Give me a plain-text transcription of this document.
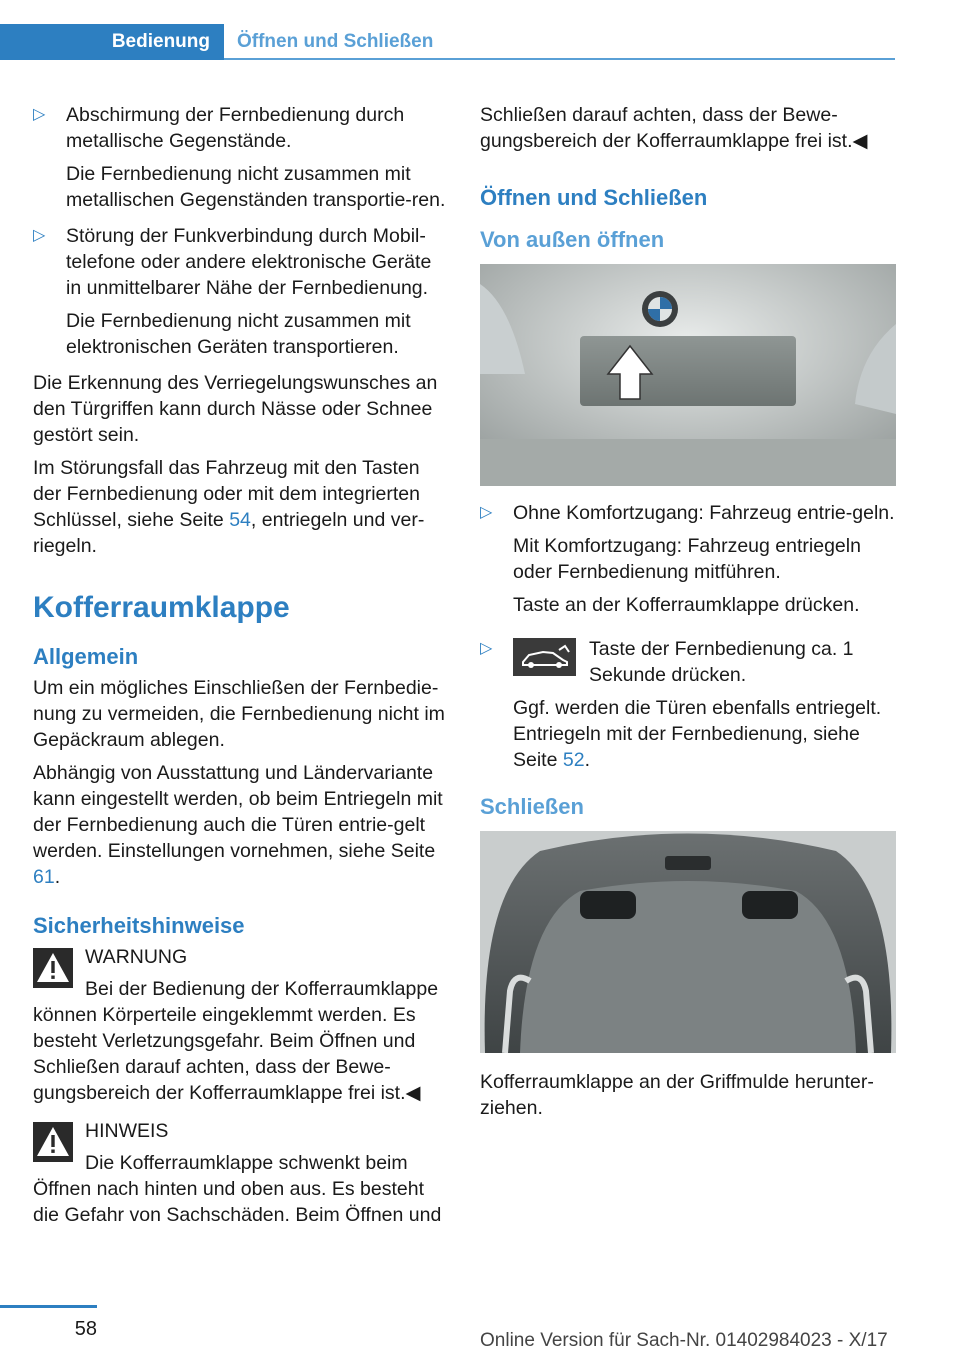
Bedienung	Öffnen und Schließen
▷ Abschirmung der Fernbedienung durch metallische Gegenstände.

Die Fernbedienung nicht zusammen mit metallischen Gegenständen transportie-ren.

▷ Störung der Funkverbindung durch Mobil-telefone oder andere elektronische Geräte in unmittelbarer Nähe der Fernbedienung.

Die Fernbedienung nicht zusammen mit elektronischen Geräten transportieren.

Die Erkennung des Verriegelungswunsches an den Türgriffen kann durch Nässe oder Schnee gestört sein.

Im Störungsfall das Fahrzeug mit den Tasten der Fernbedienung oder mit dem integrierten Schlüssel, siehe Seite 54, entriegeln und ver-riegeln.

Kofferraumklappe
Allgemein

Um ein mögliches Einschließen der Fernbedie-nung zu vermeiden, die Fernbedienung nicht im Gepäckraum ablegen.

Abhängig von Ausstattung und Ländervariante kann eingestellt werden, ob beim Entriegeln mit der Fernbedienung auch die Türen entrie-gelt werden. Einstellungen vornehmen, siehe Seite 61.

Sicherheitshinweise

WARNUNG

Bei der Bedienung der Kofferraumklappe können Körperteile eingeklemmt werden. Es besteht Verletzungsgefahr. Beim Öffnen und Schließen darauf achten, dass der Bewe-gungsbereich der Kofferraumklappe frei ist.◀

HINWEIS

Die Kofferraumklappe schwenkt beim Öffnen nach hinten und oben aus. Es besteht die Gefahr von Sachschäden. Beim Öffnen und

Schließen darauf achten, dass der Bewe-gungsbereich der Kofferraumklappe frei ist.◀

Öffnen und Schließen
Von außen öffnen
▷ Ohne Komfortzugang: Fahrzeug entrie-geln.

Mit Komfortzugang: Fahrzeug entriegeln oder Fernbedienung mitführen.

Taste an der Kofferraumklappe drücken.

▷	Taste der Fernbedienung ca. 1 Sekunde drücken.

Ggf. werden die Türen ebenfalls entriegelt. Entriegeln mit der Fernbedienung, siehe Seite 52.

Schließen

Kofferraumklappe an der Griffmulde herunter-ziehen.

58
Online Version für Sach-Nr. 01402984023 - X/17
